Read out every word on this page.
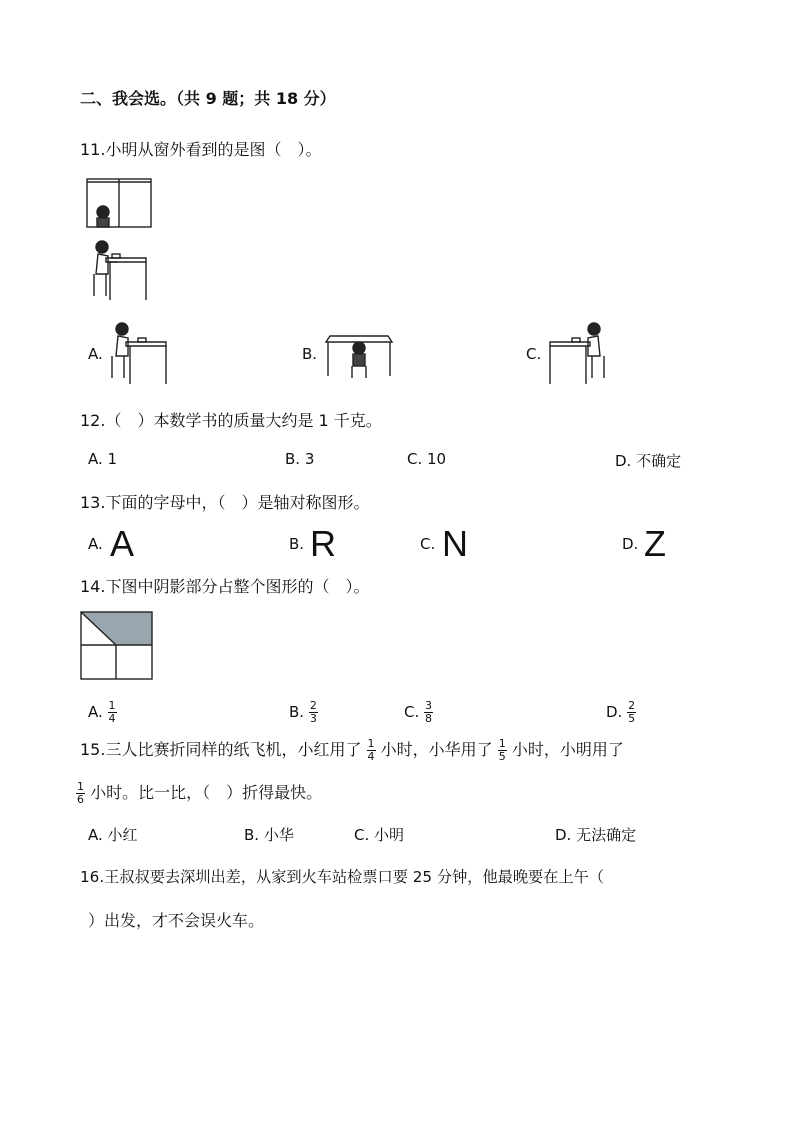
二、我会选。（共 9 题；共 18 分）
11.小明从窗外看到的是图（　）。
A.	B.	C.
12.（　）本数学书的质量大约是 1 千克。
A. 1	B. 3	C. 10	D. 不确定
13.下面的字母中，（　）是轴对称图形。
A. A	B. R	C. N	D. Z
14.下图中阴影部分占整个图形的（　）。
A. $\frac{1}{4}$	B. $\frac{2}{3}$	C. $\frac{3}{8}$	D. $\frac{2}{5}$
15.三人比赛折同样的纸飞机，小红用了 $\frac{1}{4}$ 小时，小华用了 $\frac{1}{5}$ 小时，小明用了
$\frac{1}{6}$ 小时。比一比，（　）折得最快。
A. 小红	B. 小华	C. 小明	D. 无法确定
16.王叔叔要去深圳出差，从家到火车站检票口要 25 分钟，他最晚要在上午（
）出发，才不会误火车。
